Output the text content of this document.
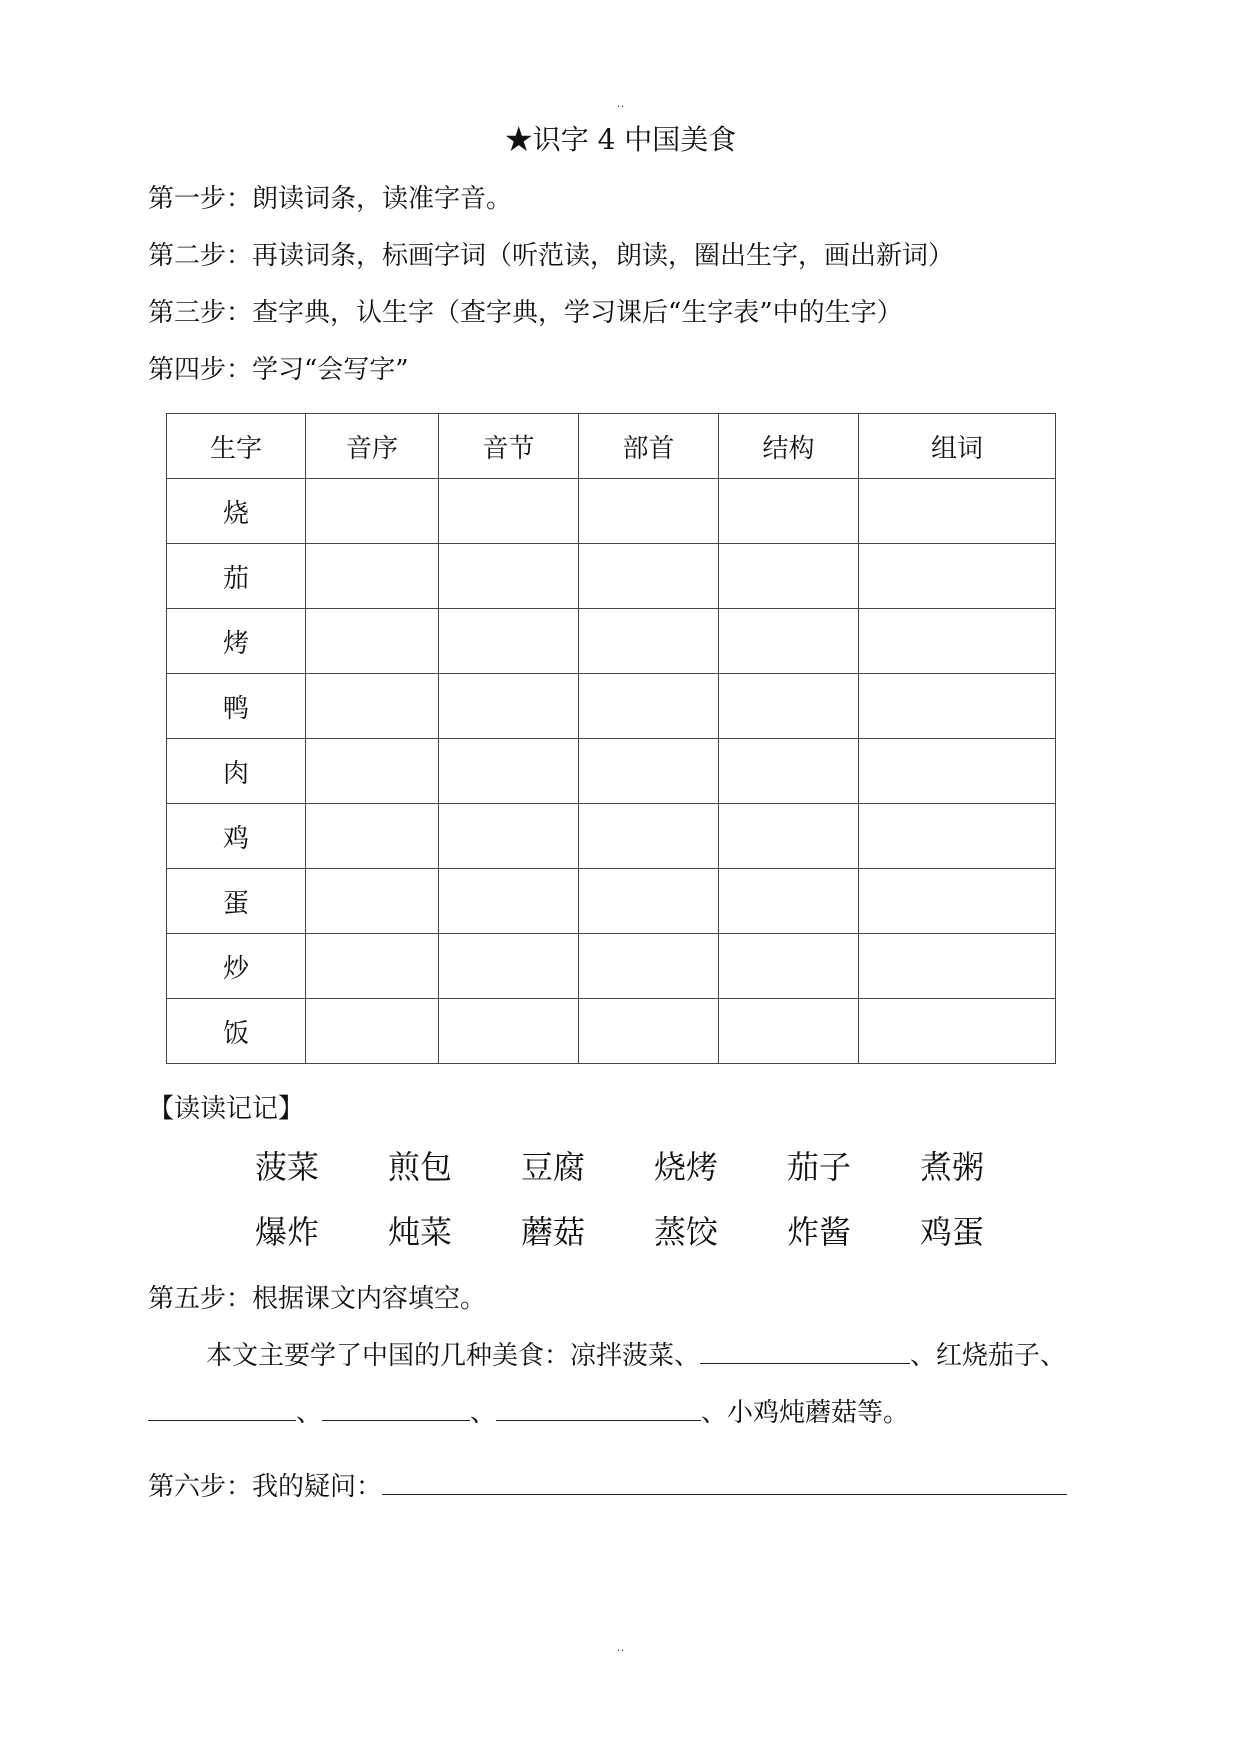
..
★识字 4 中国美食
第一步：朗读词条，读准字音。
第二步：再读词条，标画字词（听范读，朗读，圈出生字，画出新词）
第三步：查字典，认生字（查字典，学习课后“生字表”中的生字）
第四步：学习“会写字”
生字	音序	音节	部首	结构	组词
烧					
茄					
烤					
鸭					
肉					
鸡					
蛋					
炒					
饭					
【读读记记】
菠菜 煎包 豆腐 烧烤 茄子 煮粥
爆炸 炖菜 蘑菇 蒸饺 炸酱 鸡蛋
第五步：根据课文内容填空。
本文主要学了中国的几种美食：凉拌菠菜、	、红烧茄子、
、	、	、小鸡炖蘑菇等。
第六步：我的疑问：
..
